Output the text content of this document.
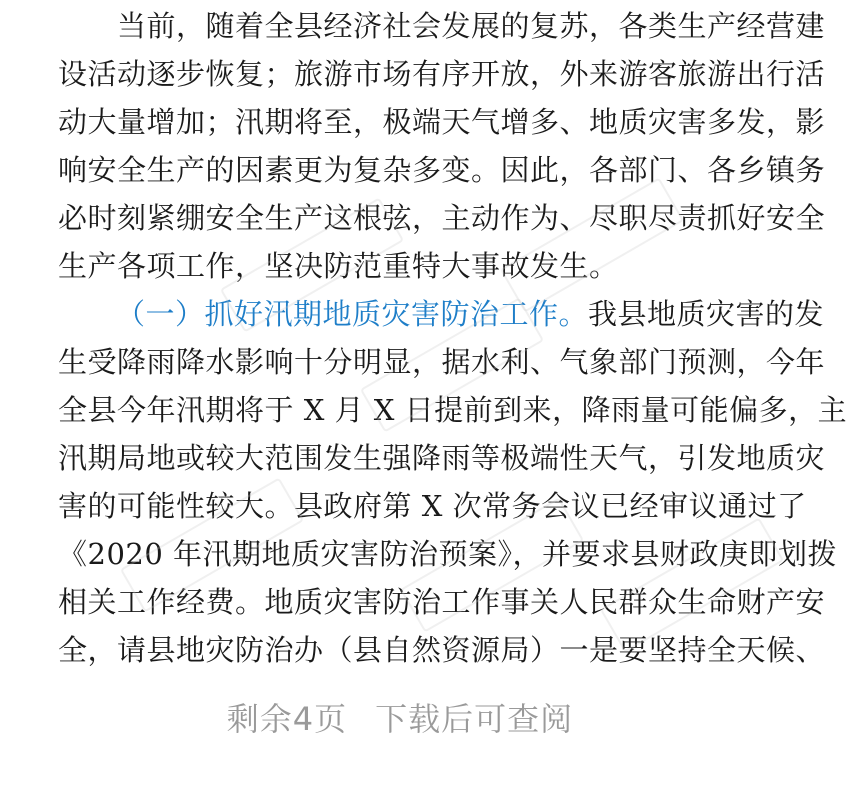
　　当前，随着全县经济社会发展的复苏，各类生产经营建
设活动逐步恢复；旅游市场有序开放，外来游客旅游出行活
动大量增加；汛期将至，极端天气增多、地质灾害多发，影
响安全生产的因素更为复杂多变。因此，各部门、各乡镇务
必时刻紧绷安全生产这根弦，主动作为、尽职尽责抓好安全
生产各项工作，坚决防范重特大事故发生。
（一）抓好汛期地质灾害防治工作。我县地质灾害的发
生受降雨降水影响十分明显，据水利、气象部门预测，今年
全县今年汛期将于 X 月 X 日提前到来，降雨量可能偏多，主
汛期局地或较大范围发生强降雨等极端性天气，引发地质灾
害的可能性较大。县政府第 X 次常务会议已经审议通过了
《2020 年汛期地质灾害防治预案》，并要求县财政庚即划拨
相关工作经费。地质灾害防治工作事关人民群众生命财产安
全，请县地灾防治办（县自然资源局）一是要坚持全天候、
剩余4页 下载后可查阅
